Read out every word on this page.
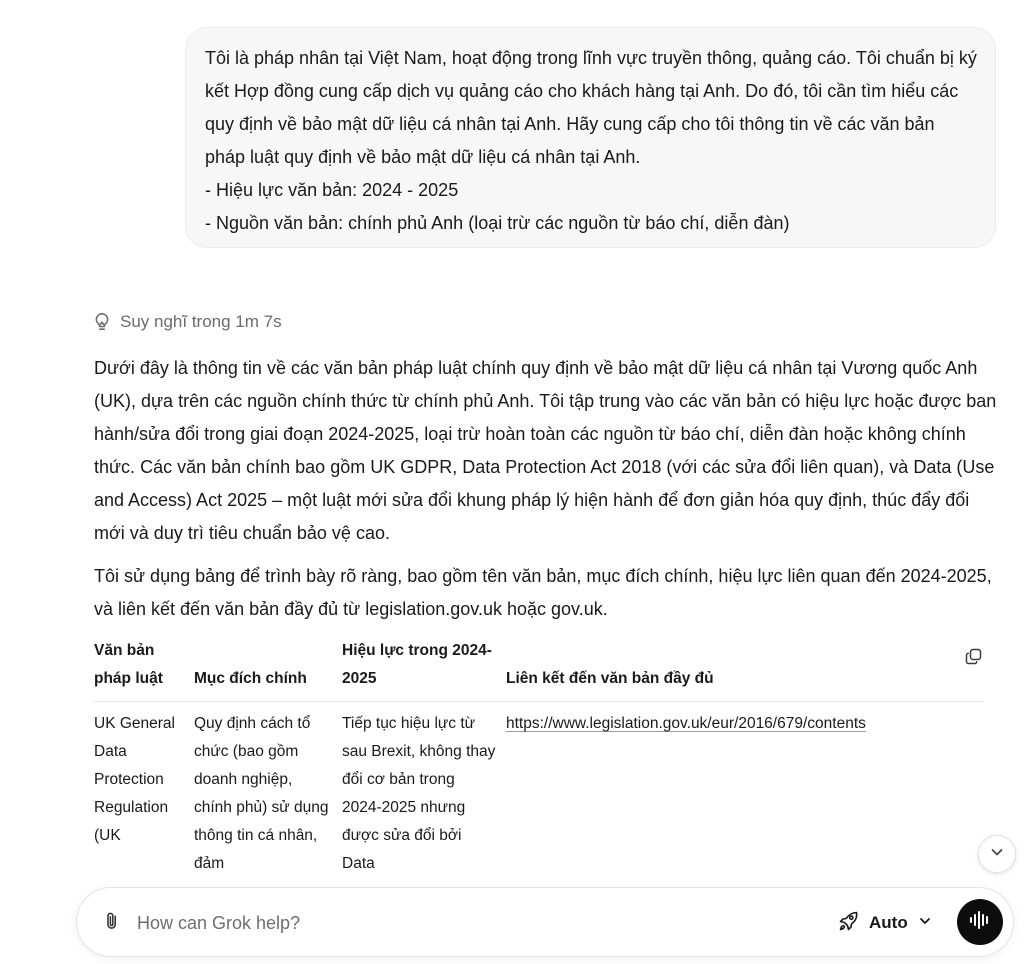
Tôi là pháp nhân tại Việt Nam, hoạt động trong lĩnh vực truyền thông, quảng cáo. Tôi chuẩn bị ký kết Hợp đồng cung cấp dịch vụ quảng cáo cho khách hàng tại Anh. Do đó, tôi cần tìm hiểu các quy định về bảo mật dữ liệu cá nhân tại Anh. Hãy cung cấp cho tôi thông tin về các văn bản pháp luật quy định về bảo mật dữ liệu cá nhân tại Anh.

- Hiệu lực văn bản: 2024 - 2025

- Nguồn văn bản: chính phủ Anh (loại trừ các nguồn từ báo chí, diễn đàn)

Suy nghĩ trong 1m 7s

Dưới đây là thông tin về các văn bản pháp luật chính quy định về bảo mật dữ liệu cá nhân tại Vương quốc Anh (UK), dựa trên các nguồn chính thức từ chính phủ Anh. Tôi tập trung vào các văn bản có hiệu lực hoặc được ban hành/sửa đổi trong giai đoạn 2024-2025, loại trừ hoàn toàn các nguồn từ báo chí, diễn đàn hoặc không chính thức. Các văn bản chính bao gồm UK GDPR, Data Protection Act 2018 (với các sửa đổi liên quan), và Data (Use and Access) Act 2025 – một luật mới sửa đổi khung pháp lý hiện hành để đơn giản hóa quy định, thúc đẩy đổi mới và duy trì tiêu chuẩn bảo vệ cao.

Tôi sử dụng bảng để trình bày rõ ràng, bao gồm tên văn bản, mục đích chính, hiệu lực liên quan đến 2024-2025, và liên kết đến văn bản đầy đủ từ legislation.gov.uk hoặc gov.uk.

Văn bản pháp luật	Mục đích chính
Hiệu lực trong 2024-2025	Liên kết đến văn bản đầy đủ
UK General Data Protection Regulation (UK
Quy định cách tổ chức (bao gồm doanh nghiệp, chính phủ) sử dụng thông tin cá nhân, đảm
Tiếp tục hiệu lực từ sau Brexit, không thay đổi cơ bản trong 2024-2025 nhưng được sửa đổi bởi Data
https://www.legislation.gov.uk/eur/2016/679/contents
How can Grok help?
Auto
